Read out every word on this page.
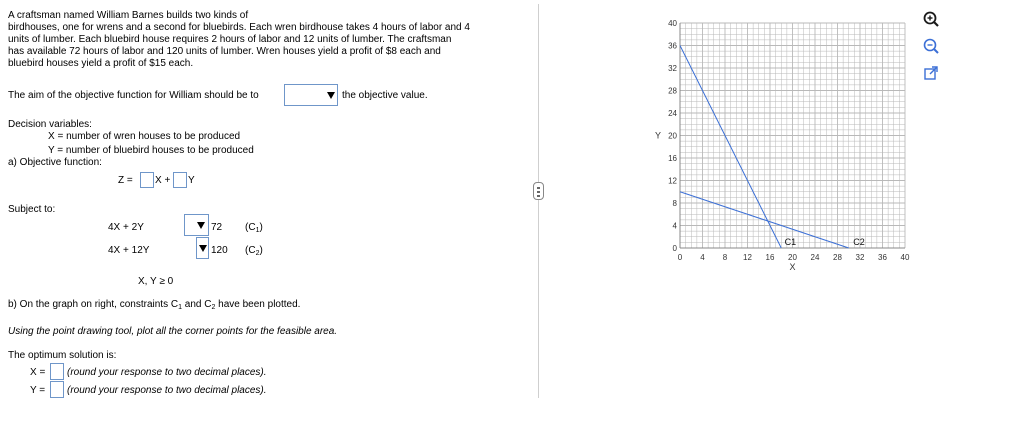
A craftsman named William Barnes builds two kinds of
birdhouses, one for wrens and a second for bluebirds. Each wren birdhouse takes 4 hours of labor and 4
units of lumber. Each bluebird house requires 2 hours of labor and 12 units of lumber. The craftsman
has available 72 hours of labor and 120 units of lumber. Wren houses yield a profit of $8 each and
bluebird houses yield a profit of $15 each.
The aim of the objective function for William should be to	the objective value.
Decision variables:
X = number of wren houses to be produced
Y = number of bluebird houses to be produced
a) Objective function:
Z = X + Y
Subject to:
4X + 2Y	72 $(C_1)$
4X + 12Y	120 $(C_2)$
X, Y ≥ 0
b) On the graph on right, constraints $C_1$ and $C_2$ have been plotted.
Using the point drawing tool, plot all the corner points for the feasible area.
The optimum solution is:
X = (round your response to two decimal places).
Y = (round your response to two decimal places).
0 4 8 12 16 20 24 28 32 36 40
0
4
8
12
16
20
24
28
32
36
40
X
Y
C1	C2
